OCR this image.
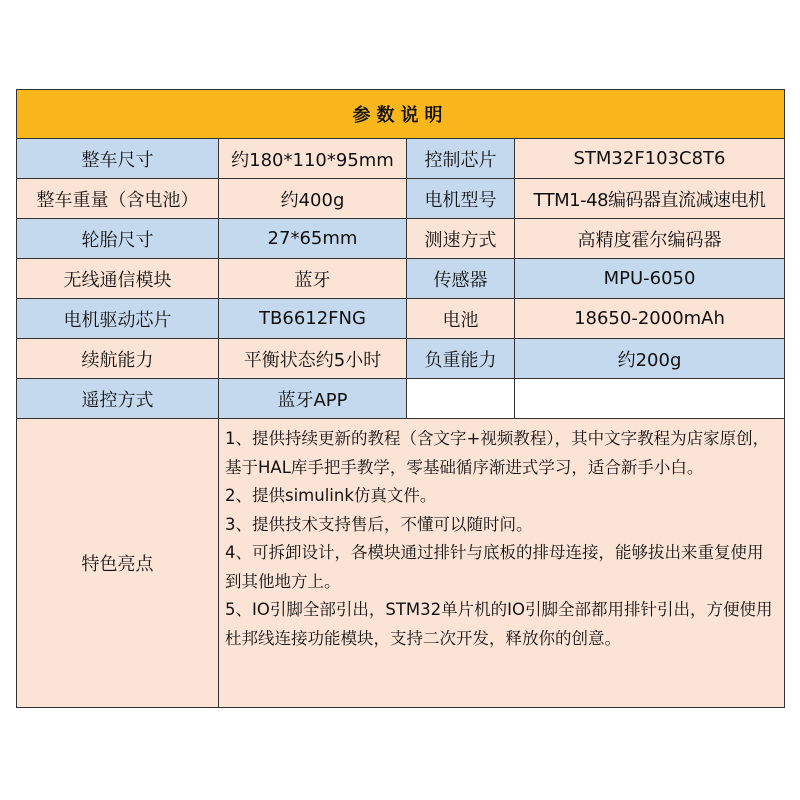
参数说明			
整车尺寸	约180*110*95mm	控制芯片	STM32F103C8T6
整车重量（含电池）	约400g	电机型号	TTM1-48编码器直流减速电机
轮胎尺寸	27*65mm	测速方式	高精度霍尔编码器
无线通信模块	蓝牙	传感器	MPU-6050
电机驱动芯片	TB6612FNG	电池	18650-2000mAh
续航能力	平衡状态约5小时	负重能力	约200g
遥控方式	蓝牙APP		
特色亮点	1、提供持续更新的教程（含文字+视频教程），其中文字教程为店家原创，基于HAL库手把手教学，零基础循序渐进式学习，适合新手小白。

2、提供simulink仿真文件。

3、提供技术支持售后，不懂可以随时问。

4、可拆卸设计，各模块通过排针与底板的排母连接，能够拔出来重复使用到其他地方上。

5、IO引脚全部引出，STM32单片机的IO引脚全部都用排针引出，方便使用杜邦线连接功能模块，支持二次开发，释放你的创意。		
